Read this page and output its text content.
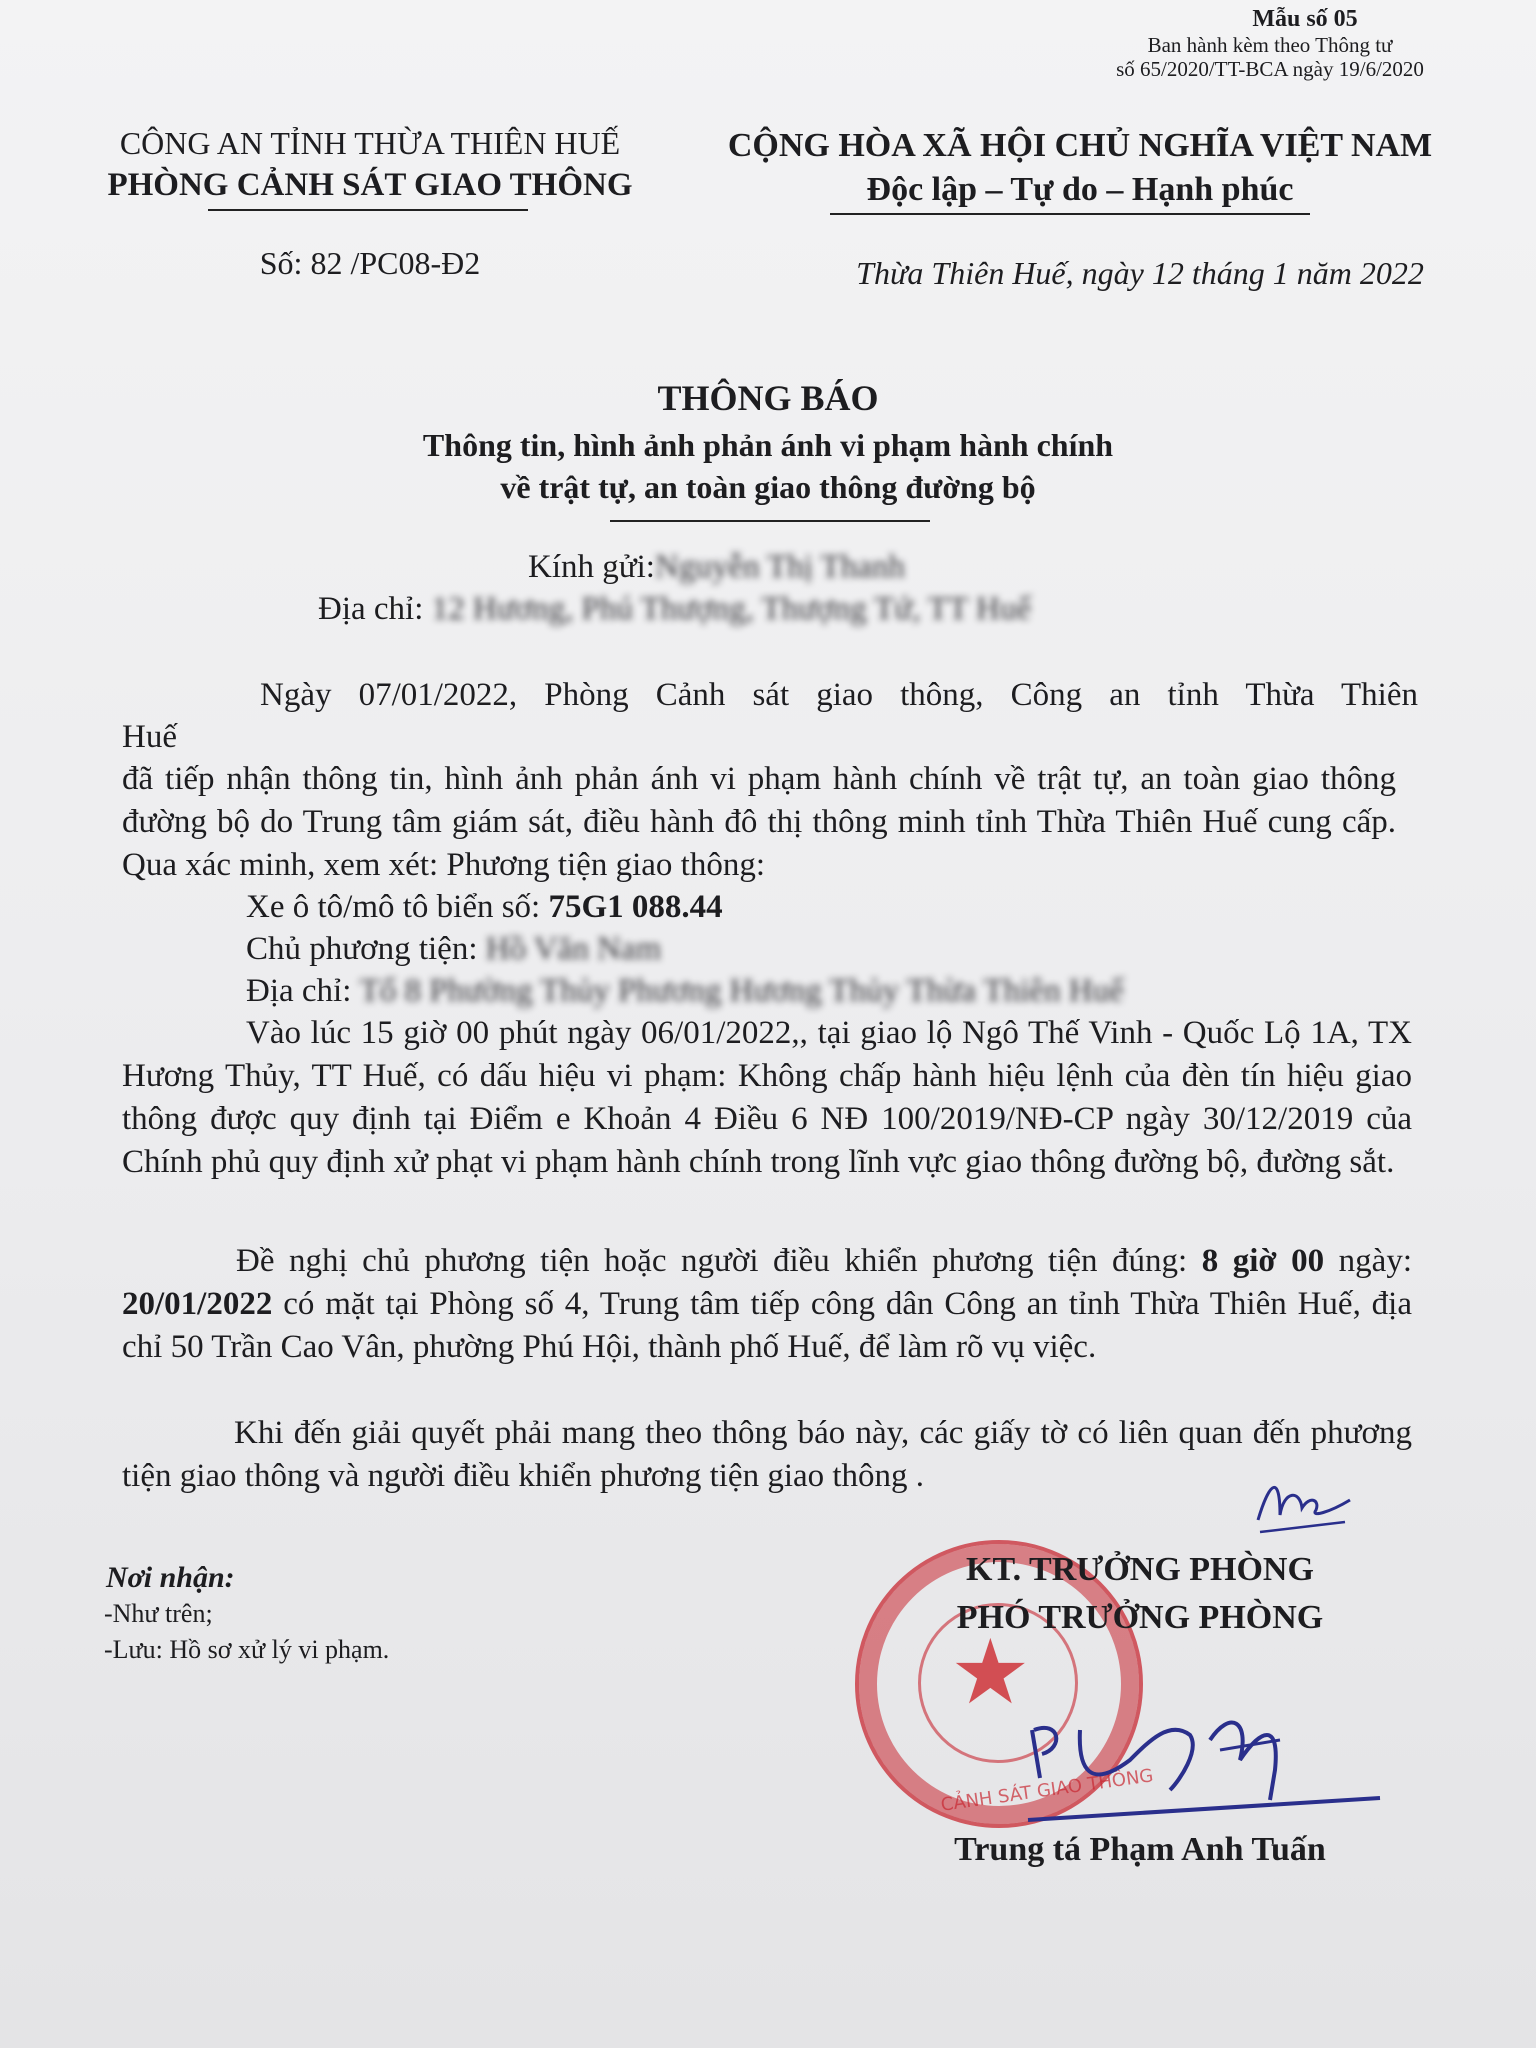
Mẫu số 05
Ban hành kèm theo Thông tư
số 65/2020/TT-BCA ngày 19/6/2020
CÔNG AN TỈNH THỪA THIÊN HUẾ
PHÒNG CẢNH SÁT GIAO THÔNG
Số: 82 /PC08-Đ2
CỘNG HÒA XÃ HỘI CHỦ NGHĨA VIỆT NAM
Độc lập – Tự do – Hạnh phúc
Thừa Thiên Huế, ngày 12 tháng 1 năm 2022
THÔNG BÁO
Thông tin, hình ảnh phản ánh vi phạm hành chính
về trật tự, an toàn giao thông đường bộ
Kính gửi:Nguyễn Thị Thanh
Địa chỉ: 12 Hương, Phú Thượng, Thượng Tứ, TT Huế
Ngày 07/01/2022, Phòng Cảnh sát giao thông, Công an tỉnh Thừa Thiên
Huế
đã tiếp nhận thông tin, hình ảnh phản ánh vi phạm hành chính về trật tự, an toàn giao thông đường bộ do Trung tâm giám sát, điều hành đô thị thông minh tỉnh Thừa Thiên Huế cung cấp. Qua xác minh, xem xét: Phương tiện giao thông:
Xe ô tô/mô tô biển số: 75G1 088.44
Chủ phương tiện: Hồ Văn Nam
Địa chỉ: Tổ 8 Phường Thủy Phương Hương Thủy Thừa Thiên Huế
Vào lúc 15 giờ 00 phút ngày 06/01/2022,, tại giao lộ Ngô Thế Vinh - Quốc Lộ 1A, TX Hương Thủy, TT Huế, có dấu hiệu vi phạm: Không chấp hành hiệu lệnh của đèn tín hiệu giao thông được quy định tại Điểm e Khoản 4 Điều 6 NĐ 100/2019/NĐ-CP ngày 30/12/2019 của Chính phủ quy định xử phạt vi phạm hành chính trong lĩnh vực giao thông đường bộ, đường sắt.
Đề nghị chủ phương tiện hoặc người điều khiển phương tiện đúng: 8 giờ 00 ngày: 20/01/2022 có mặt tại Phòng số 4, Trung tâm tiếp công dân Công an tỉnh Thừa Thiên Huế, địa chỉ 50 Trần Cao Vân, phường Phú Hội, thành phố Huế, để làm rõ vụ việc.
Khi đến giải quyết phải mang theo thông báo này, các giấy tờ có liên quan đến phương tiện giao thông và người điều khiển phương tiện giao thông .
Nơi nhận:
-Như trên;
-Lưu: Hồ sơ xử lý vi phạm.	★
CẢNH SÁT GIAO THÔNG
KT. TRƯỞNG PHÒNG
PHÓ TRƯỞNG PHÒNG
Trung tá Phạm Anh Tuấn
